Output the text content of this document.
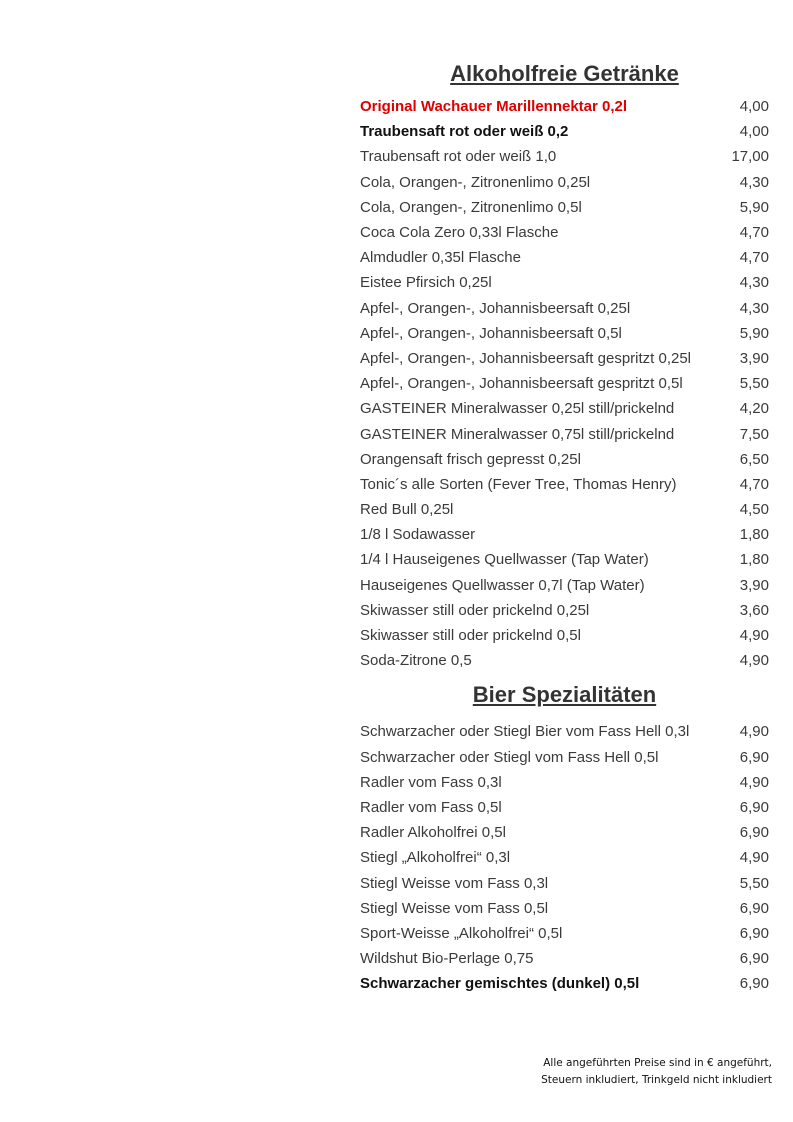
Alkoholfreie Getränke
Original Wachauer Marillennektar 0,2l	4,00
Traubensaft rot oder weiß 0,2	4,00
Traubensaft rot oder weiß 1,0	17,00
Cola, Orangen-, Zitronenlimo 0,25l	4,30
Cola, Orangen-, Zitronenlimo 0,5l	5,90
Coca Cola Zero 0,33l Flasche	4,70
Almdudler 0,35l Flasche	4,70
Eistee Pfirsich 0,25l	4,30
Apfel-, Orangen-, Johannisbeersaft 0,25l	4,30
Apfel-, Orangen-, Johannisbeersaft 0,5l	5,90
Apfel-, Orangen-, Johannisbeersaft gespritzt 0,25l	3,90
Apfel-, Orangen-, Johannisbeersaft gespritzt 0,5l	5,50
GASTEINER Mineralwasser 0,25l still/prickelnd	4,20
GASTEINER Mineralwasser 0,75l still/prickelnd	7,50
Orangensaft frisch gepresst 0,25l	6,50
Tonic´s alle Sorten (Fever Tree, Thomas Henry)	4,70
Red Bull 0,25l	4,50
1/8 l Sodawasser	1,80
1/4 l Hauseigenes Quellwasser (Tap Water)	1,80
Hauseigenes Quellwasser 0,7l (Tap Water)	3,90
Skiwasser still oder prickelnd 0,25l	3,60
Skiwasser still oder prickelnd 0,5l	4,90
Soda-Zitrone 0,5	4,90
Bier Spezialitäten
Schwarzacher oder Stiegl Bier vom Fass Hell 0,3l	4,90
Schwarzacher oder Stiegl vom Fass Hell 0,5l	6,90
Radler vom Fass 0,3l	4,90
Radler vom Fass 0,5l	6,90
Radler Alkoholfrei 0,5l	6,90
Stiegl „Alkoholfrei“ 0,3l	4,90
Stiegl Weisse vom Fass 0,3l	5,50
Stiegl Weisse vom Fass 0,5l	6,90
Sport-Weisse „Alkoholfrei“ 0,5l	6,90
Wildshut Bio-Perlage 0,75	6,90
Schwarzacher gemischtes (dunkel) 0,5l	6,90
Alle angeführten Preise sind in € angeführt,
Steuern inkludiert, Trinkgeld nicht inkludiert
